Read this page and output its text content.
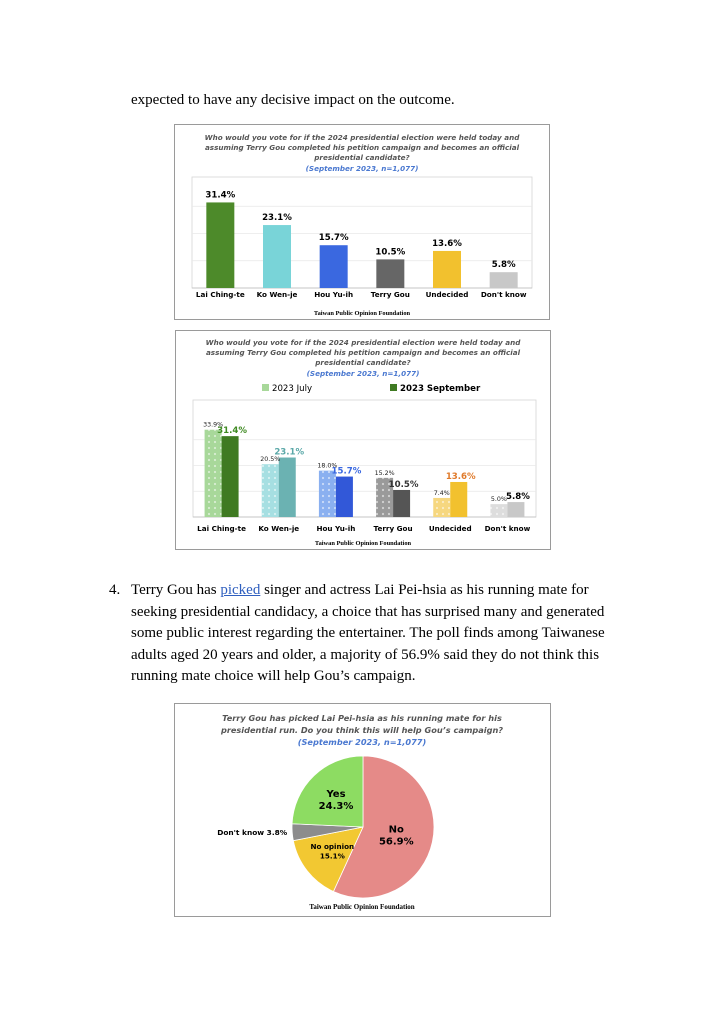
expected to have any decisive impact on the outcome.
Who would you vote for if the 2024 presidential election were held today and
assuming Terry Gou completed his petition campaign and becomes an official
presidential candidate?
(September 2023, n=1,077)
31.4%
Lai Ching-te
23.1%
Ko Wen-je
15.7%
Hou Yu-ih
10.5%
Terry Gou
13.6%
Undecided
5.8%
Don't know
Taiwan Public Opinion Foundation
Who would you vote for if the 2024 presidential election were held today and
assuming Terry Gou completed his petition campaign and becomes an official
presidential candidate?
(September 2023, n=1,077)
2023 July	2023 September
33.9%
31.4%
Lai Ching-te
20.5%
23.1%
Ko Wen-je
18.0%
15.7%
Hou Yu-ih
15.2%
10.5%
Terry Gou
7.4%
13.6%
Undecided
5.0% 5.8%
Don't know
Taiwan Public Opinion Foundation
4. Terry Gou has picked singer and actress Lai Pei-hsia as his running mate for seeking presidential candidacy, a choice that has surprised many and generated some public interest regarding the entertainer. The poll finds among Taiwanese adults aged 20 years and older, a majority of 56.9% said they do not think this running mate choice will help Gou’s campaign.
Terry Gou has picked Lai Pei-hsia as his running mate for his
presidential run. Do you think this will help Gou’s campaign?
(September 2023, n=1,077)
No
56.9%
No opinion
15.1%
Don't know 3.8%
Yes
24.3%
Taiwan Public Opinion Foundation
